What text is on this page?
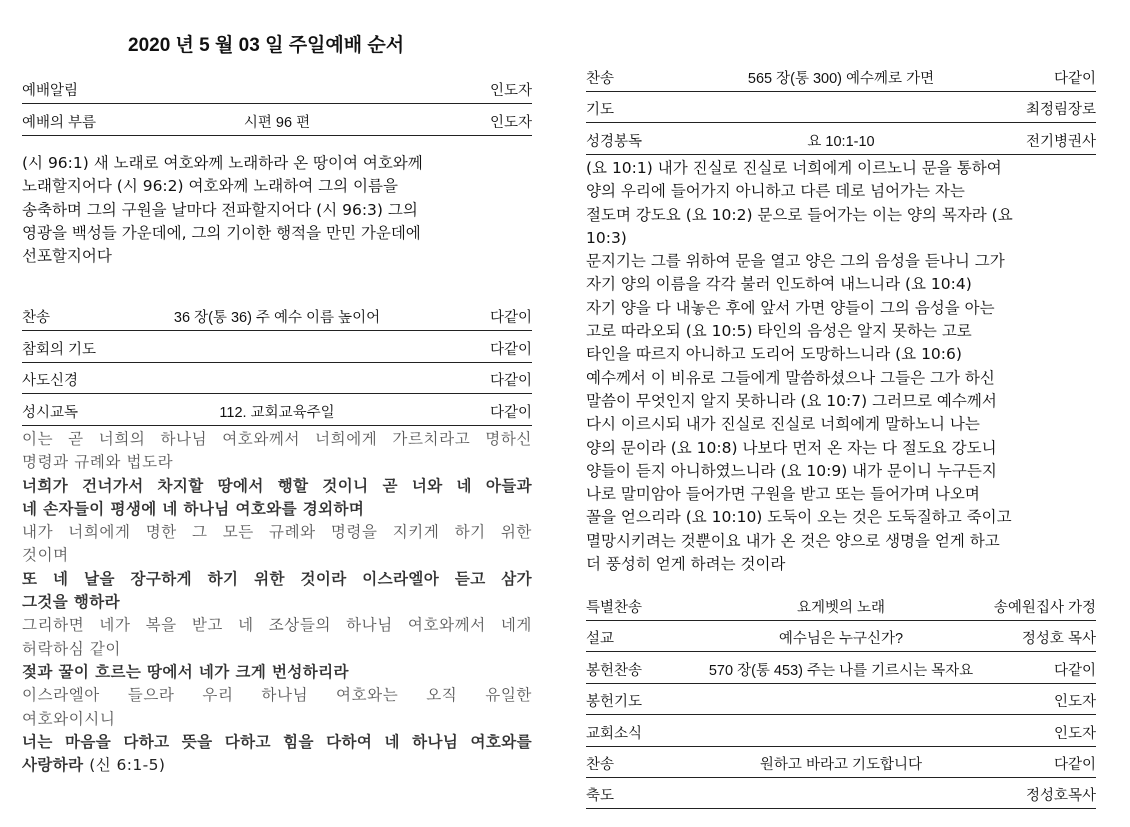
2020 년 5 월 03 일 주일예배 순서
예배알림	인도자
예배의 부름	시편 96 편	인도자
(시 96:1) 새 노래로 여호와께 노래하라 온 땅이여 여호와께
노래할지어다 (시 96:2) 여호와께 노래하여 그의 이름을
송축하며 그의 구원을 날마다 전파할지어다 (시 96:3) 그의
영광을 백성들 가운데에, 그의 기이한 행적을 만민 가운데에
선포할지어다
찬송	36 장(통 36) 주 예수 이름 높이어	다같이
참회의 기도	다같이
사도신경	다같이
성시교독	112. 교회교육주일	다같이
이는 곧 너희의 하나님 여호와께서 너희에게 가르치라고 명하신
명령과 규례와 법도라
너희가 건너가서 차지할 땅에서 행할 것이니 곧 너와 네 아들과
네 손자들이 평생에 네 하나님 여호와를 경외하며
내가 너희에게 명한 그 모든 규례와 명령을 지키게 하기 위한
것이며
또 네 날을 장구하게 하기 위한 것이라 이스라엘아 듣고 삼가
그것을 행하라
그리하면 네가 복을 받고 네 조상들의 하나님 여호와께서 네게
허락하심 같이
젖과 꿀이 흐르는 땅에서 네가 크게 번성하리라
이스라엘아 들으라 우리 하나님 여호와는 오직 유일한
여호와이시니
너는 마음을 다하고 뜻을 다하고 힘을 다하여 네 하나님 여호와를
사랑하라 (신 6:1-5)
찬송	565 장(통 300) 예수께로 가면	다같이
기도	최정림장로
성경봉독	요 10:1-10	전기병권사
(요 10:1) 내가 진실로 진실로 너희에게 이르노니 문을 통하여
양의 우리에 들어가지 아니하고 다른 데로 넘어가는 자는
절도며 강도요 (요 10:2) 문으로 들어가는 이는 양의 목자라 (요
10:3)
문지기는 그를 위하여 문을 열고 양은 그의 음성을 듣나니 그가
자기 양의 이름을 각각 불러 인도하여 내느니라 (요 10:4)
자기 양을 다 내놓은 후에 앞서 가면 양들이 그의 음성을 아는
고로 따라오되 (요 10:5) 타인의 음성은 알지 못하는 고로
타인을 따르지 아니하고 도리어 도망하느니라 (요 10:6)
예수께서 이 비유로 그들에게 말씀하셨으나 그들은 그가 하신
말씀이 무엇인지 알지 못하니라 (요 10:7) 그러므로 예수께서
다시 이르시되 내가 진실로 진실로 너희에게 말하노니 나는
양의 문이라 (요 10:8) 나보다 먼저 온 자는 다 절도요 강도니
양들이 듣지 아니하였느니라 (요 10:9) 내가 문이니 누구든지
나로 말미암아 들어가면 구원을 받고 또는 들어가며 나오며
꼴을 얻으리라 (요 10:10) 도둑이 오는 것은 도둑질하고 죽이고
멸망시키려는 것뿐이요 내가 온 것은 양으로 생명을 얻게 하고
더 풍성히 얻게 하려는 것이라
특별찬송	요게벳의 노래	송예원집사 가정
설교	예수님은 누구신가?	정성호 목사
봉헌찬송	570 장(통 453) 주는 나를 기르시는 목자요	다같이
봉헌기도	인도자
교회소식	인도자
찬송	원하고 바라고 기도합니다	다같이
축도	정성호목사
